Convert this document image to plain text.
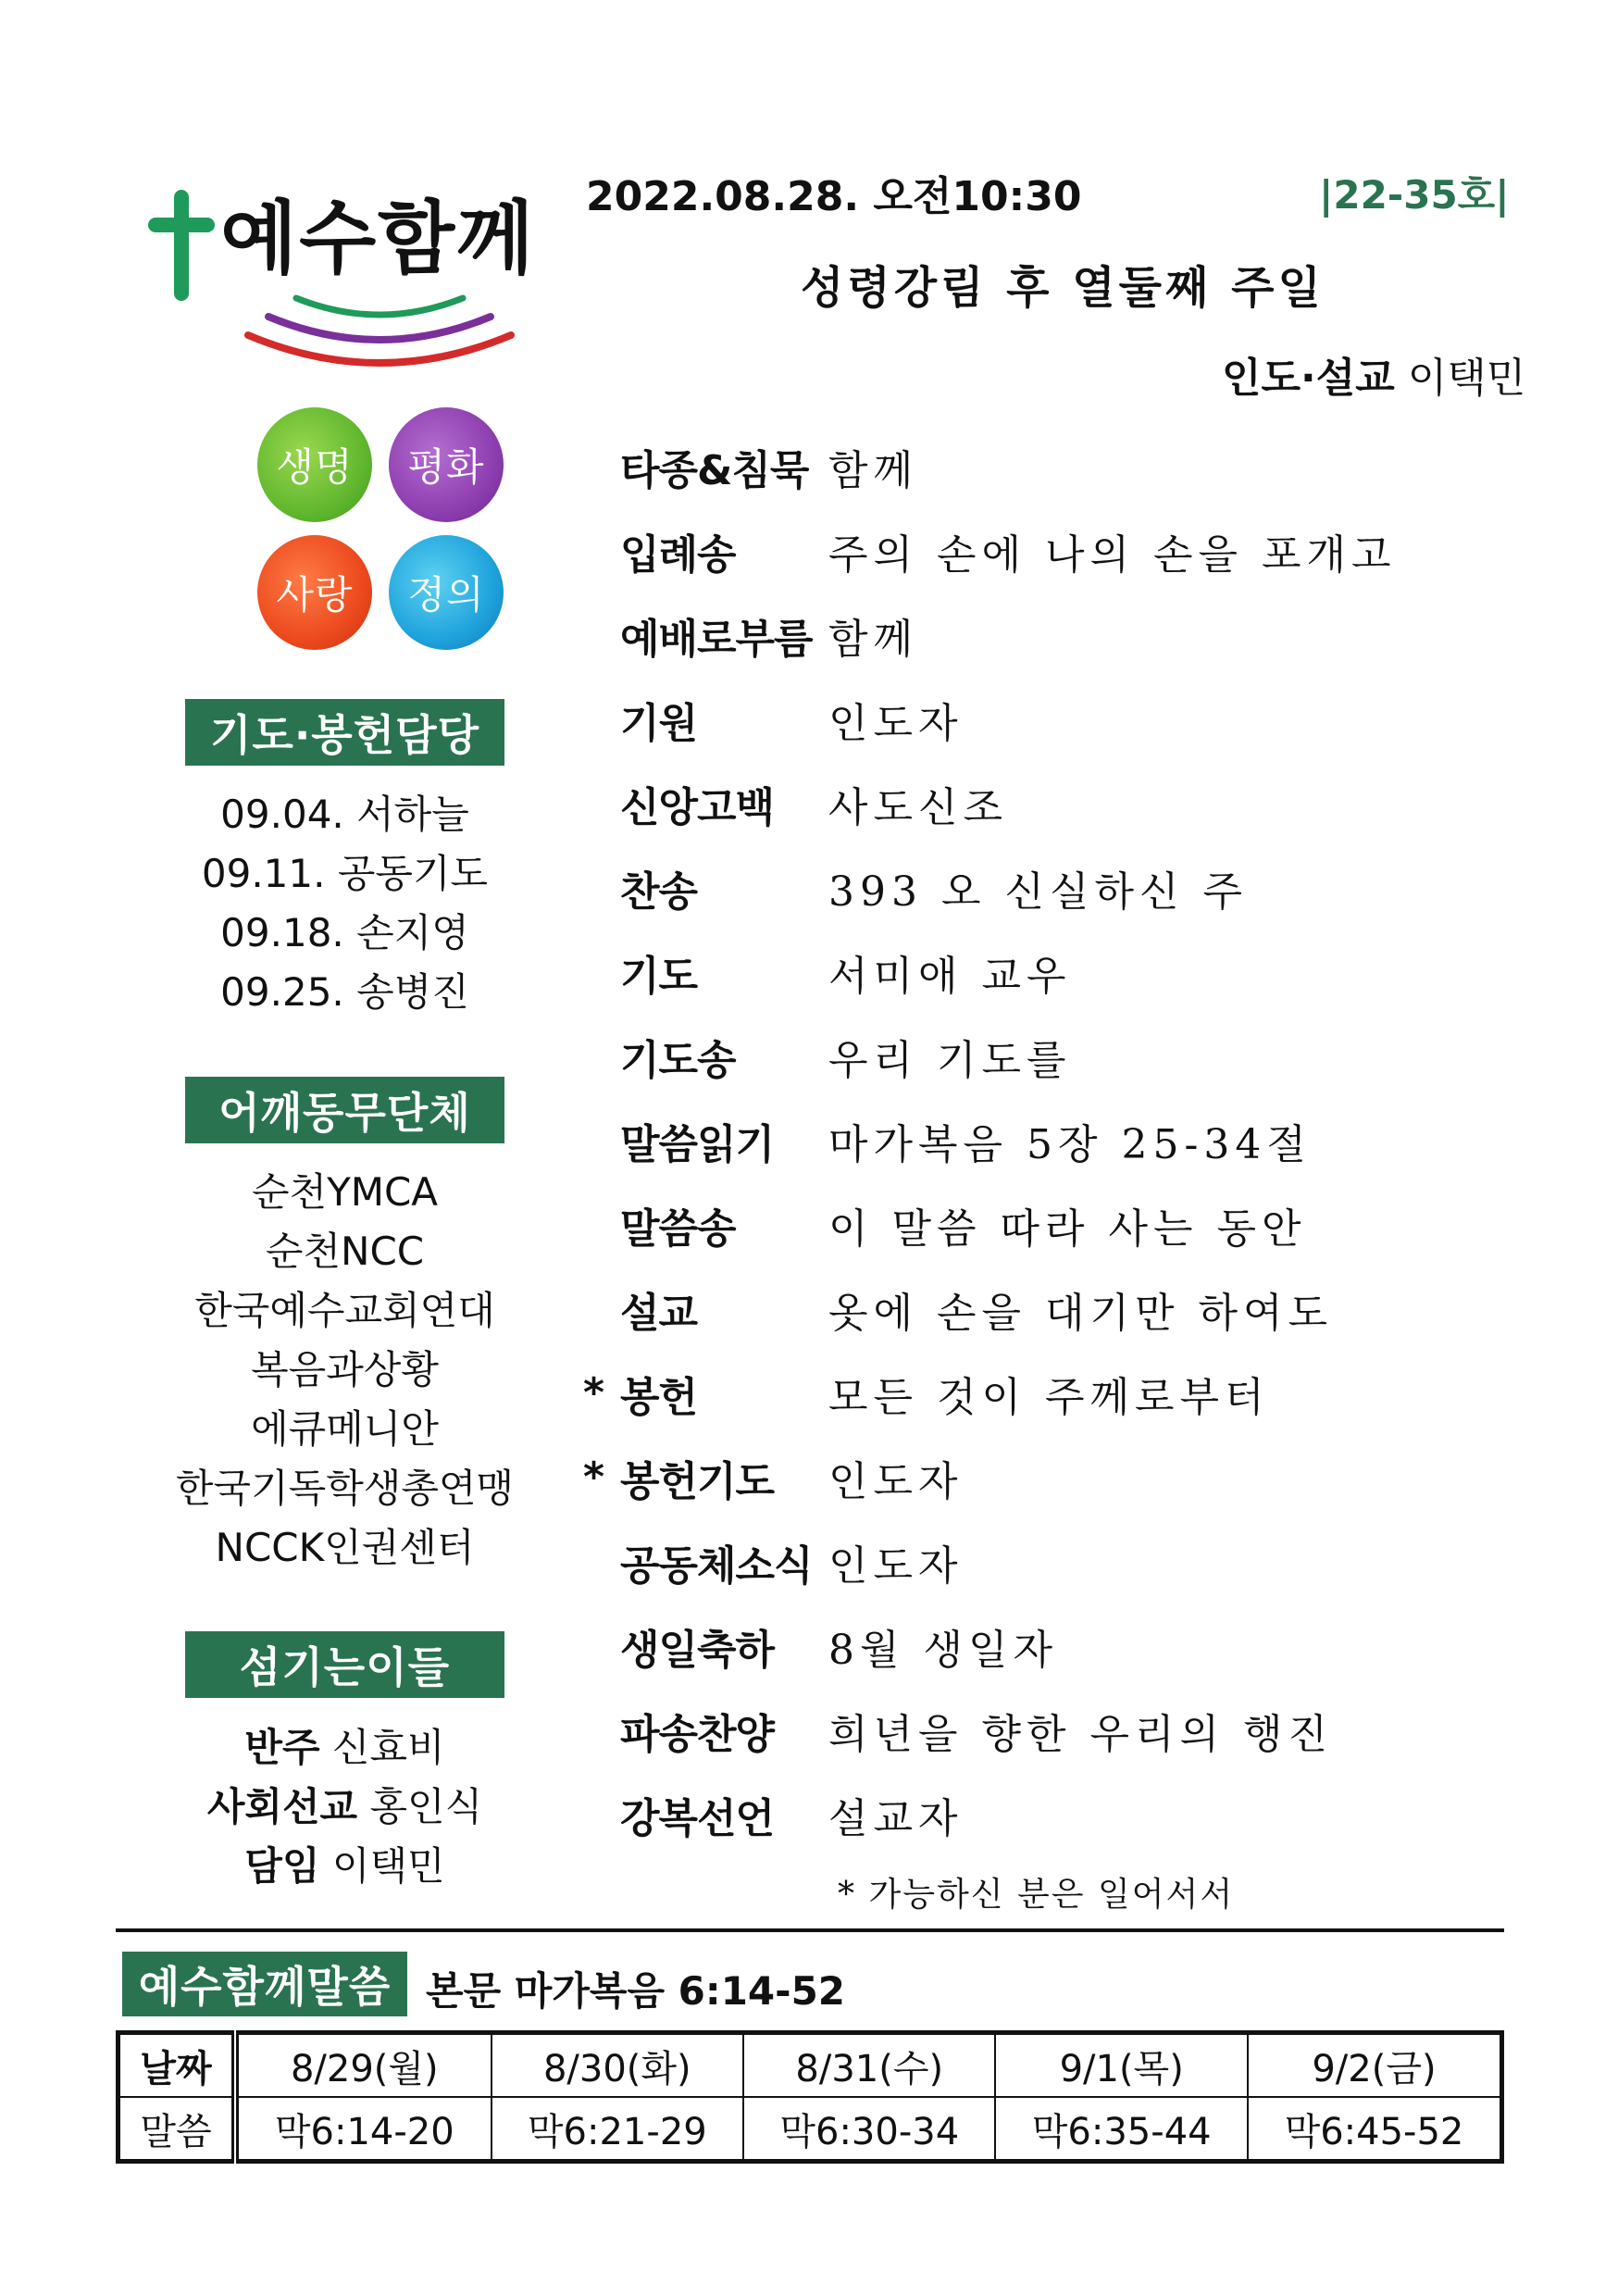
예수함께
생명	평화
사랑	정의
기도·봉헌담당
09.04. 서하늘
09.11. 공동기도
09.18. 손지영
09.25. 송병진
어깨동무단체
순천YMCA
순천NCC
한국예수교회연대
복음과상황
에큐메니안
한국기독학생총연맹
NCCK인권센터
섬기는이들
반주 신효비
사회선교 홍인식
담임 이택민
2022.08.28. 오전10:30	|22-35호|
성령강림 후 열둘째 주일
인도·설교 이택민
타종&침묵 함께
입례송	주의 손에 나의 손을 포개고
예배로부름 함께
기원	인도자
신앙고백	사도신조
찬송	393 오 신실하신 주
기도	서미애 교우
기도송	우리 기도를
말씀읽기	마가복음 5장 25-34절
말씀송	이 말씀 따라 사는 동안
설교	옷에 손을 대기만 하여도
* 봉헌	모든 것이 주께로부터
* 봉헌기도	인도자
공동체소식 인도자
생일축하	8월 생일자
파송찬양	희년을 향한 우리의 행진
강복선언	설교자
* 가능하신 분은 일어서서
예수함께말씀 본문 마가복음 6:14-52
날짜	8/29(월)	8/30(화)	8/31(수)	9/1(목)	9/2(금)
말씀	막6:14-20	막6:21-29	막6:30-34	막6:35-44	막6:45-52
